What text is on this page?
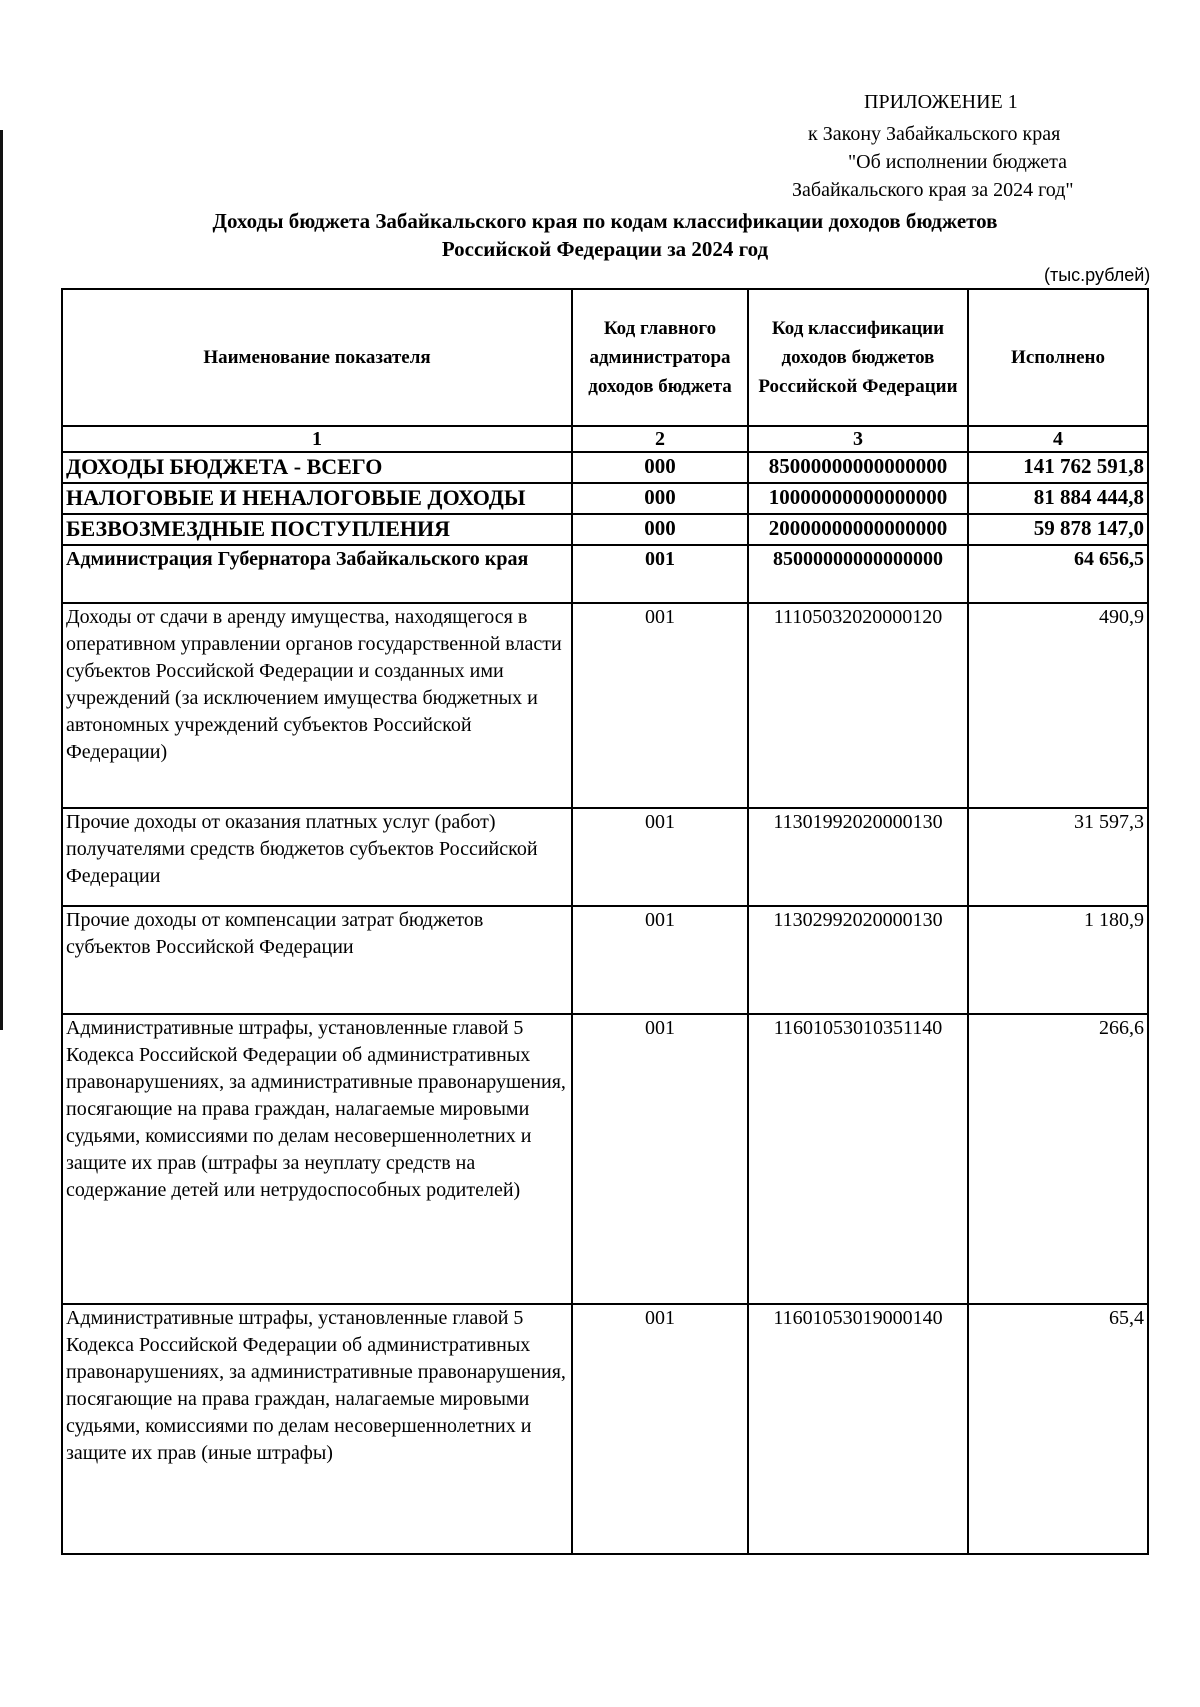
ПРИЛОЖЕНИЕ 1
к Закону Забайкальского края
"Об исполнении бюджета
Забайкальского края за 2024 год"
Доходы бюджета Забайкальского края по кодам классификации доходов бюджетов
Российской Федерации за 2024 год
(тыс.рублей)
Наименование показателя	Код главного администратора доходов бюджета	Код классификации доходов бюджетов Российской Федерации	Исполнено
1	2	3	4
ДОХОДЫ БЮДЖЕТА - ВСЕГО	000	85000000000000000	141 762 591,8
НАЛОГОВЫЕ И НЕНАЛОГОВЫЕ ДОХОДЫ	000	10000000000000000	81 884 444,8
БЕЗВОЗМЕЗДНЫЕ ПОСТУПЛЕНИЯ	000	20000000000000000	59 878 147,0
Администрация Губернатора Забайкальского края	001	85000000000000000	64 656,5
Доходы от сдачи в аренду имущества, находящегося в оперативном управлении органов государственной власти субъектов Российской Федерации и созданных ими учреждений (за исключением имущества бюджетных и автономных учреждений субъектов Российской Федерации)	001	11105032020000120	490,9
Прочие доходы от оказания платных услуг (работ) получателями средств бюджетов субъектов Российской Федерации	001	11301992020000130	31 597,3
Прочие доходы от компенсации затрат бюджетов субъектов Российской Федерации	001	11302992020000130	1 180,9
Административные штрафы, установленные главой 5 Кодекса Российской Федерации об административных правонарушениях, за административные правонарушения, посягающие на права граждан, налагаемые мировыми судьями, комиссиями по делам несовершеннолетних и защите их прав (штрафы за неуплату средств на содержание детей или нетрудоспособных родителей)	001	11601053010351140	266,6
Административные штрафы, установленные главой 5 Кодекса Российской Федерации об административных правонарушениях, за административные правонарушения, посягающие на права граждан, налагаемые мировыми судьями, комиссиями по делам несовершеннолетних и защите их прав (иные штрафы)	001	11601053019000140	65,4
